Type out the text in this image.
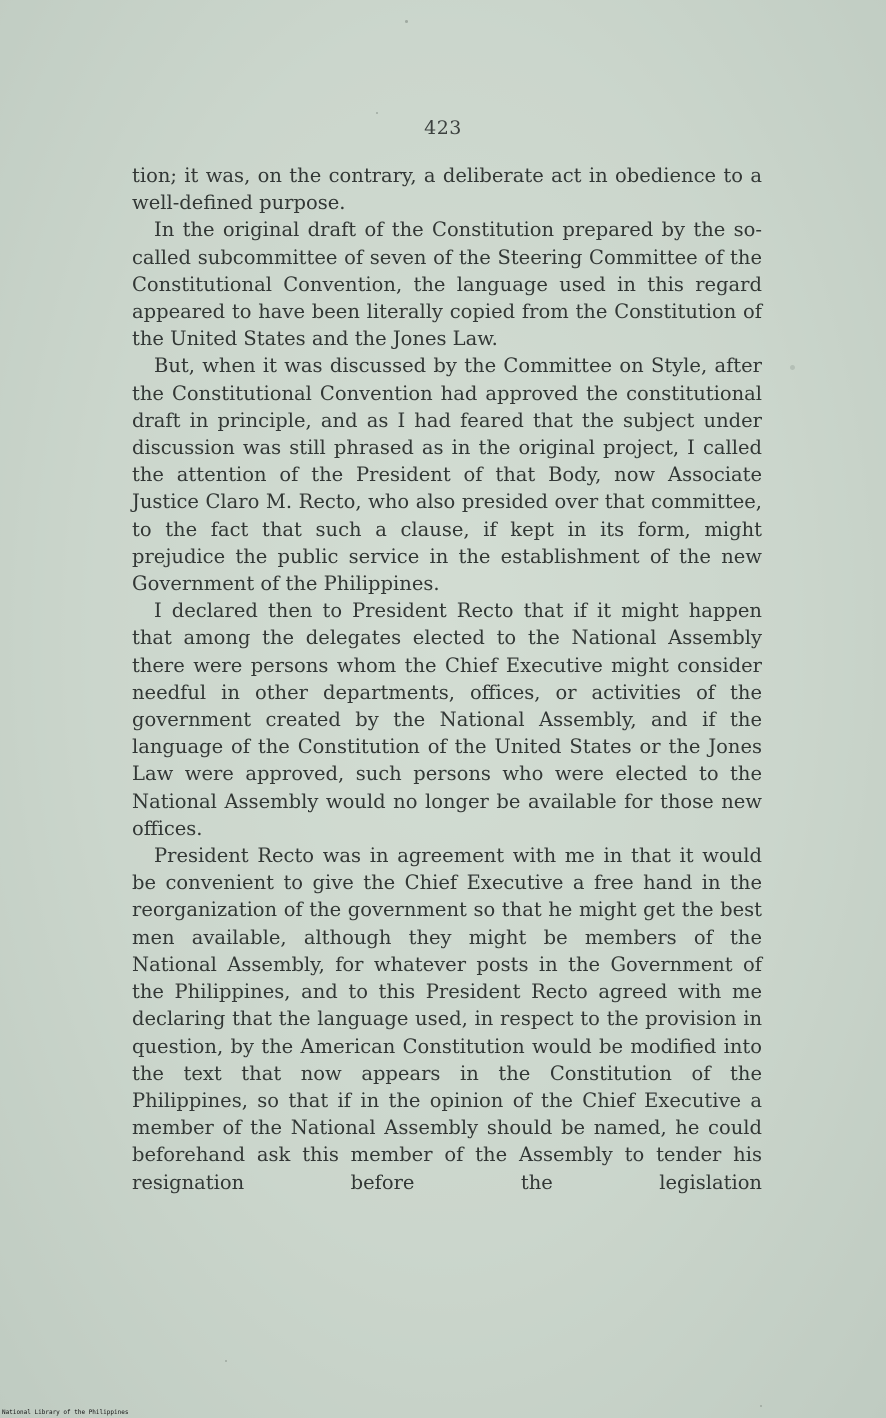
423

tion; it was, on the contrary, a deliberate act in obedience to a well-defined purpose.

In the original draft of the Constitution prepared by the so-called subcommittee of seven of the Steering Committee of the Constitutional Convention, the language used in this regard appeared to have been literally copied from the Constitution of the United States and the Jones Law.

But, when it was discussed by the Committee on Style, after the Constitutional Convention had approved the constitutional draft in principle, and as I had feared that the subject under discussion was still phrased as in the original project, I called the attention of the President of that Body, now Associate Justice Claro M. Recto, who also presided over that committee, to the fact that such a clause, if kept in its form, might prejudice the public service in the establishment of the new Government of the Philippines.

I declared then to President Recto that if it might happen that among the delegates elected to the National Assembly there were persons whom the Chief Executive might consider needful in other departments, offices, or activities of the government created by the National Assembly, and if the language of the Constitution of the United States or the Jones Law were approved, such persons who were elected to the National Assembly would no longer be available for those new offices.

President Recto was in agreement with me in that it would be convenient to give the Chief Executive a free hand in the reorganization of the government so that he might get the best men available, although they might be members of the National Assembly, for whatever posts in the Government of the Philippines, and to this President Recto agreed with me declaring that the language used, in respect to the provision in question, by the American Constitution would be modified into the text that now appears in the Constitution of the Philippines, so that if in the opinion of the Chief Executive a member of the National Assembly should be named, he could beforehand ask this member of the Assembly to tender his resignation before the legislation

National Library of the Philippines
